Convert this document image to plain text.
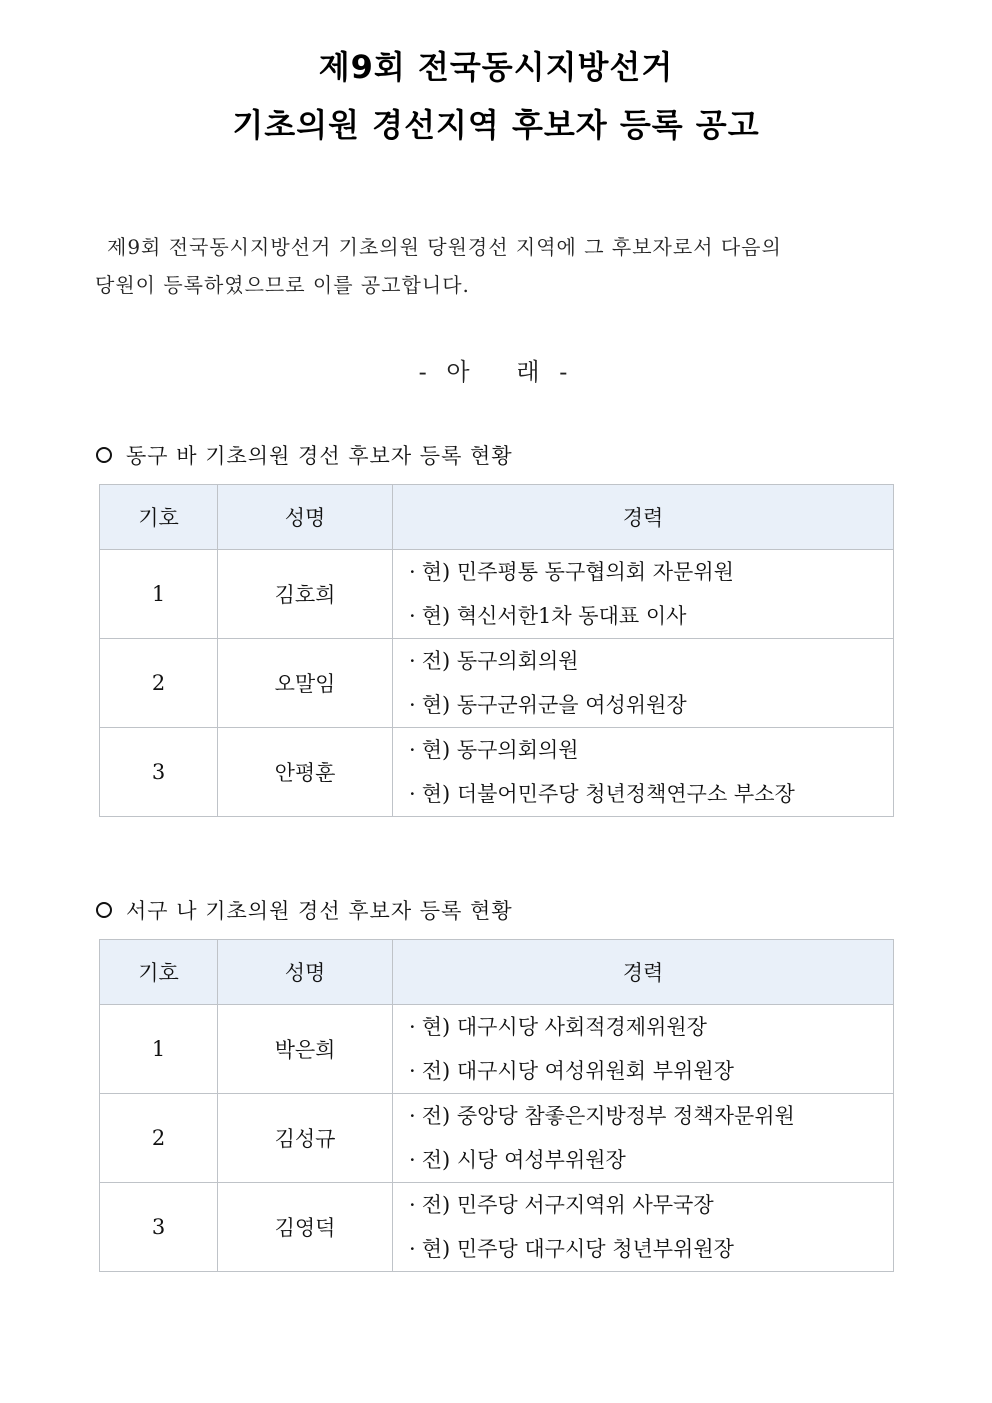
제9회 전국동시지방선거
기초의원 경선지역 후보자 등록 공고
제9회 전국동시지방선거 기초의원 당원경선 지역에 그 후보자로서 다음의
당원이 등록하였으므로 이를 공고합니다.
- 아   래 -
동구 바 기초의원 경선 후보자 등록 현황
기호	성명	경력
1	김호희	· 현) 민주평통 동구협의회 자문위원
· 현) 혁신서한1차 동대표 이사

2	오말임	· 전) 동구의회의원
· 현) 동구군위군을 여성위원장

3	안평훈	· 현) 동구의회의원
· 현) 더불어민주당 청년정책연구소 부소장
서구 나 기초의원 경선 후보자 등록 현황
기호	성명	경력
1	박은희	· 현) 대구시당 사회적경제위원장
· 전) 대구시당 여성위원회 부위원장

2	김성규	· 전) 중앙당 참좋은지방정부 정책자문위원
· 전) 시당 여성부위원장

3	김영덕	· 전) 민주당 서구지역위 사무국장
· 현) 민주당 대구시당 청년부위원장
